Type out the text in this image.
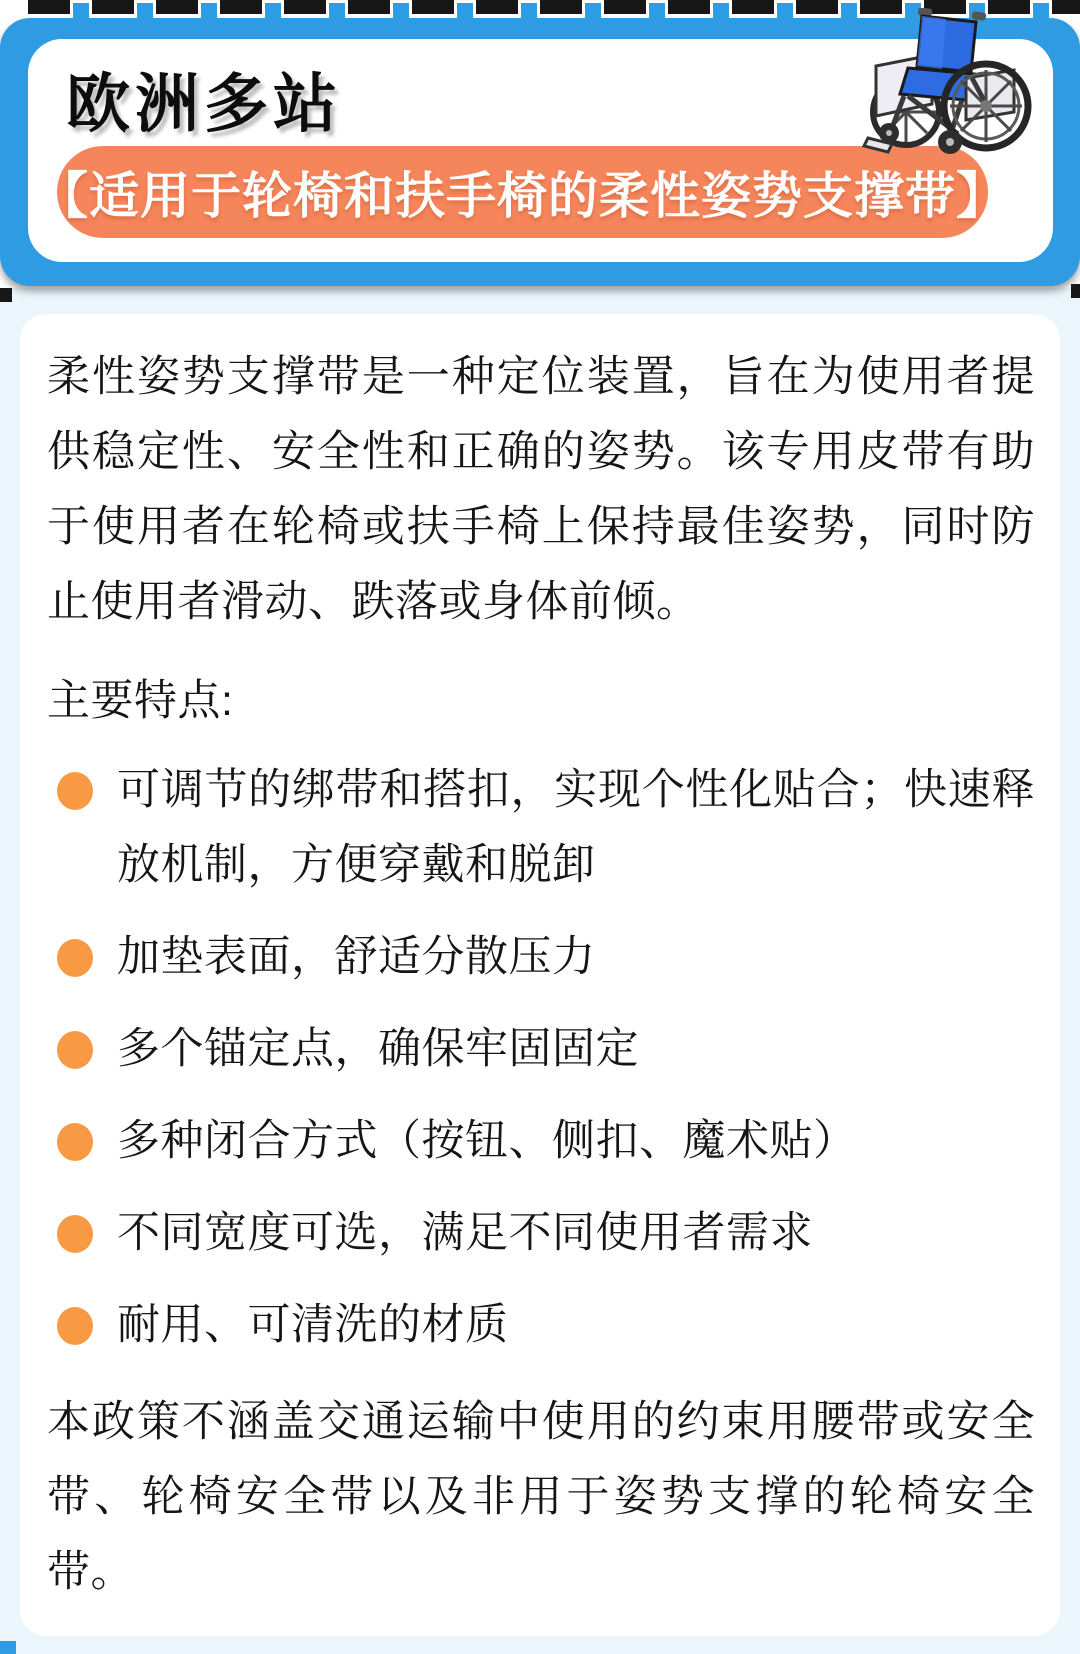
欧洲多站
【适用于轮椅和扶手椅的柔性姿势支撑带】

柔性姿势支撑带是一种定位装置，旨在为使用者提供稳定性、安全性和正确的姿势。该专用皮带有助于使用者在轮椅或扶手椅上保持最佳姿势，同时防止使用者滑动、跌落或身体前倾。

主要特点:
可调节的绑带和搭扣，实现个性化贴合；快速释放机制，方便穿戴和脱卸
加垫表面，舒适分散压力
多个锚定点，确保牢固固定
多种闭合方式（按钮、侧扣、魔术贴）
不同宽度可选，满足不同使用者需求
耐用、可清洗的材质

本政策不涵盖交通运输中使用的约束用腰带或安全带、轮椅安全带以及非用于姿势支撑的轮椅安全带。
